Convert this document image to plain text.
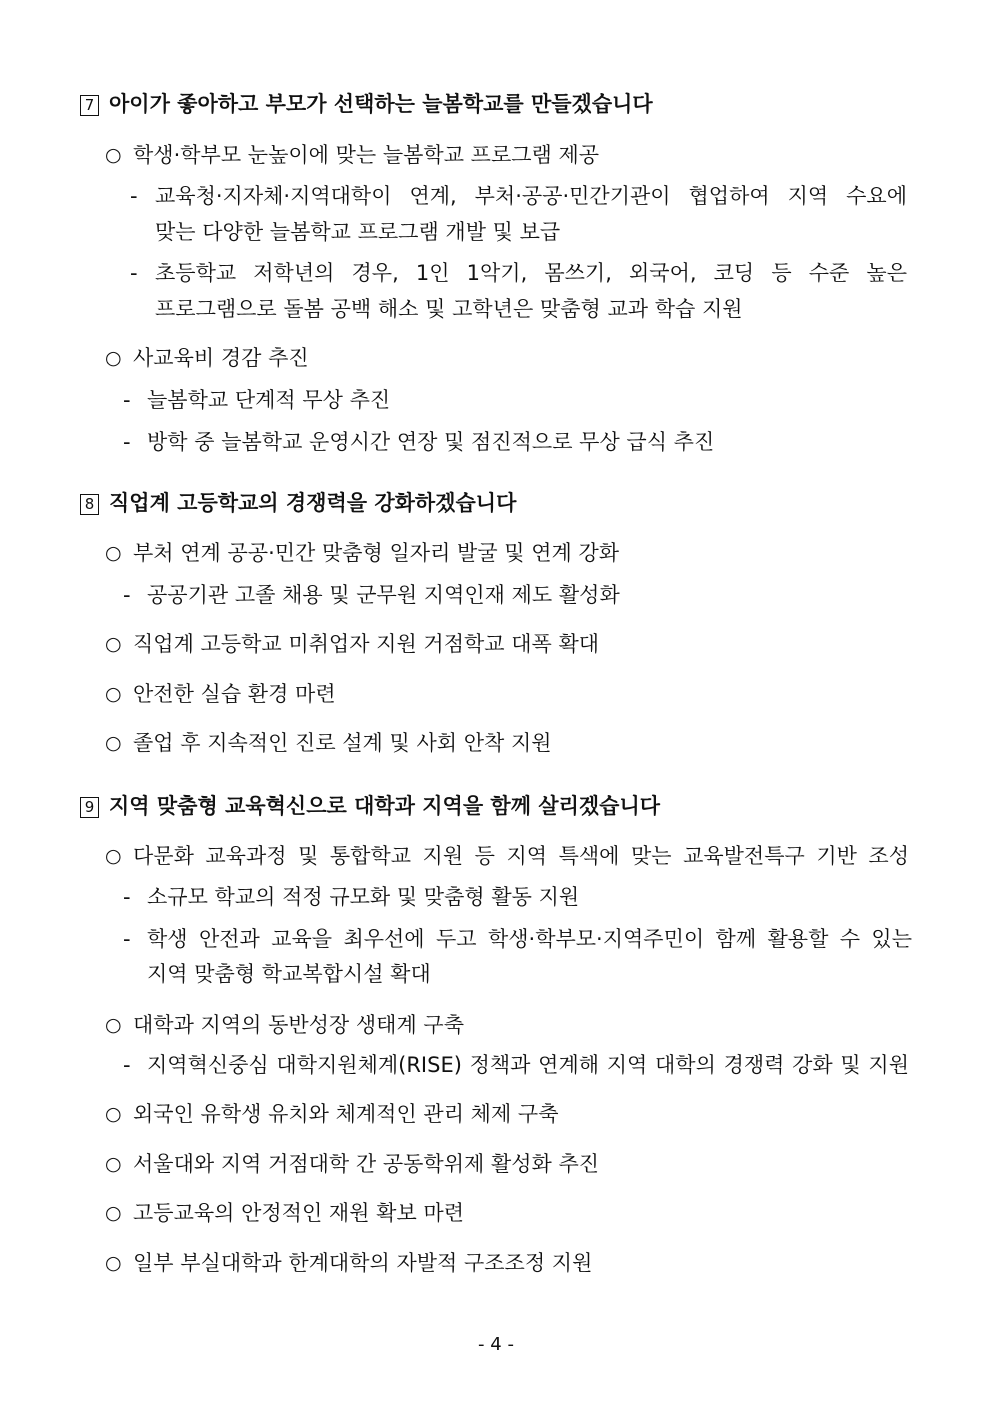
7 아이가 좋아하고 부모가 선택하는 늘봄학교를 만들겠습니다
○ 학생·학부모 눈높이에 맞는 늘봄학교 프로그램 제공
- 교육청·지자체·지역대학이 연계, 부처·공공·민간기관이 협업하여 지역 수요에
맞는 다양한 늘봄학교 프로그램 개발 및 보급
- 초등학교 저학년의 경우, 1인 1악기, 몸쓰기, 외국어, 코딩 등 수준 높은
프로그램으로 돌봄 공백 해소 및 고학년은 맞춤형 교과 학습 지원
○ 사교육비 경감 추진
- 늘봄학교 단계적 무상 추진
- 방학 중 늘봄학교 운영시간 연장 및 점진적으로 무상 급식 추진
8 직업계 고등학교의 경쟁력을 강화하겠습니다
○ 부처 연계 공공·민간 맞춤형 일자리 발굴 및 연계 강화
- 공공기관 고졸 채용 및 군무원 지역인재 제도 활성화
○ 직업계 고등학교 미취업자 지원 거점학교 대폭 확대
○ 안전한 실습 환경 마련
○ 졸업 후 지속적인 진로 설계 및 사회 안착 지원
9 지역 맞춤형 교육혁신으로 대학과 지역을 함께 살리겠습니다
○ 다문화 교육과정 및 통합학교 지원 등 지역 특색에 맞는 교육발전특구 기반 조성
- 소규모 학교의 적정 규모화 및 맞춤형 활동 지원
- 학생 안전과 교육을 최우선에 두고 학생·학부모·지역주민이 함께 활용할 수 있는
지역 맞춤형 학교복합시설 확대
○ 대학과 지역의 동반성장 생태계 구축
- 지역혁신중심 대학지원체계(RISE) 정책과 연계해 지역 대학의 경쟁력 강화 및 지원
○ 외국인 유학생 유치와 체계적인 관리 체제 구축
○ 서울대와 지역 거점대학 간 공동학위제 활성화 추진
○ 고등교육의 안정적인 재원 확보 마련
○ 일부 부실대학과 한계대학의 자발적 구조조정 지원
- 4 -
